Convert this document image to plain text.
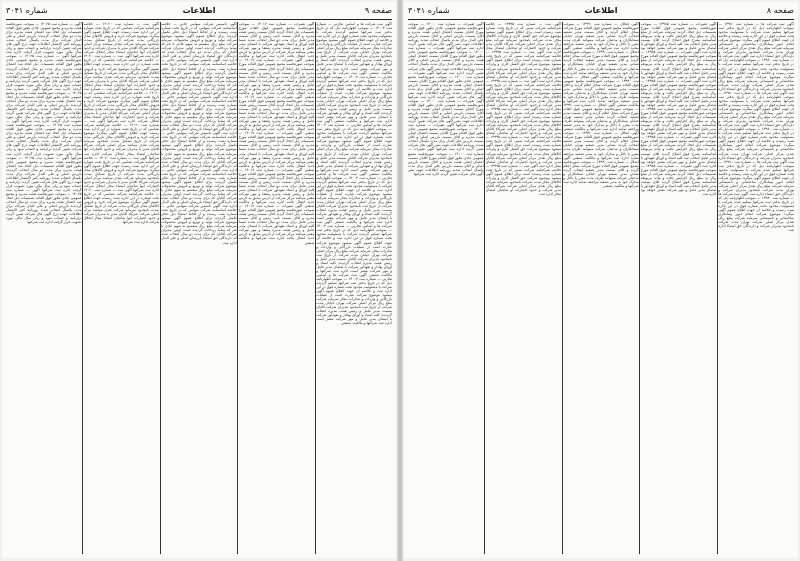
شماره ۳۰۴۱	اطلاعات	صفحه ۹
آگهی ثبت شرکت ها و اسامی تجارتی — شماره ثبت ۱۴۰۰۳ — بموجب اظهارنامه ذیل که در تاریخ بدفتر ثبت شرکتها تسلیم گردیده شرکت با مسئولیت محدود تحت شماره فوق در این اداره ثبت و خلاصه آن جهت اطلاع عموم آگهی میشود موضوع شرکت عبارت است از عملیات بازرگانی و واردات و صادرات مجاز سرمایه شرکت مبلغ ریال مرکز اصلی شرکت تهران خیابان مدت شرکت از تاریخ ثبت نامحدود مدیران شرکت آقایان بسمت مدیر عامل و رئیس هیئت مدیره انتخاب گردیدند کلیه اسناد و اوراق بهادار و تعهدآور شرکت با امضای مدیر عامل و مهر شرکت معتبر است اداره ثبت شرکتها و مالکیت صنعتی آگهی ثبت شرکت ها و اسامی تجارتی — شماره ثبت ۱۴۰۰۳ — بموجب اظهارنامه ذیل که در تاریخ بدفتر ثبت شرکتها تسلیم گردیده شرکت با مسئولیت محدود تحت شماره فوق در این اداره ثبت و خلاصه آن جهت اطلاع عموم آگهی میشود موضوع شرکت عبارت است از عملیات بازرگانی و واردات و صادرات مجاز سرمایه شرکت مبلغ ریال مرکز اصلی شرکت تهران خیابان مدت شرکت از تاریخ ثبت نامحدود مدیران شرکت آقایان بسمت مدیر عامل و رئیس هیئت مدیره انتخاب گردیدند کلیه اسناد و اوراق بهادار و تعهدآور شرکت با امضای مدیر عامل و مهر شرکت معتبر است اداره ثبت شرکتها و مالکیت صنعتی آگهی ثبت شرکت ها و اسامی تجارتی — شماره ثبت ۱۴۰۰۳ — بموجب اظهارنامه ذیل که در تاریخ بدفتر ثبت شرکتها تسلیم گردیده شرکت با مسئولیت محدود تحت شماره فوق در این اداره ثبت و خلاصه آن جهت اطلاع عموم آگهی میشود موضوع شرکت عبارت است از عملیات بازرگانی و واردات و صادرات مجاز سرمایه شرکت مبلغ ریال مرکز اصلی شرکت تهران خیابان مدت شرکت از تاریخ ثبت نامحدود مدیران شرکت آقایان بسمت مدیر عامل و رئیس هیئت مدیره انتخاب گردیدند کلیه اسناد و اوراق بهادار و تعهدآور شرکت با امضای مدیر عامل و مهر شرکت معتبر است اداره ثبت شرکتها و مالکیت صنعتی آگهی ثبت شرکت ها و اسامی تجارتی — شماره ثبت ۱۴۰۰۳ — بموجب اظهارنامه ذیل که در تاریخ بدفتر ثبت شرکتها تسلیم گردیده شرکت با مسئولیت محدود تحت شماره فوق در این اداره ثبت و خلاصه آن جهت اطلاع عموم آگهی میشود موضوع شرکت عبارت است از عملیات بازرگانی و واردات و صادرات مجاز سرمایه شرکت مبلغ ریال مرکز اصلی شرکت تهران خیابان مدت شرکت از تاریخ ثبت نامحدود مدیران شرکت آقایان بسمت مدیر عامل و رئیس هیئت مدیره انتخاب گردیدند کلیه اسناد و اوراق بهادار و تعهدآور شرکت با امضای مدیر عامل و مهر شرکت معتبر است اداره ثبت شرکتها و مالکیت صنعتی آگهی ثبت شرکت ها و اسامی تجارتی — شماره ثبت ۱۴۰۰۳ — بموجب اظهارنامه ذیل که در تاریخ بدفتر ثبت شرکتها تسلیم گردیده شرکت با مسئولیت محدود تحت شماره فوق در این اداره ثبت و خلاصه آن جهت اطلاع عموم آگهی میشود موضوع شرکت عبارت است از عملیات بازرگانی و واردات و صادرات مجاز سرمایه شرکت مبلغ ریال مرکز اصلی شرکت تهران خیابان مدت شرکت از تاریخ ثبت نامحدود مدیران شرکت آقایان بسمت مدیر عامل و رئیس هیئت مدیره انتخاب گردیدند کلیه اسناد و اوراق بهادار و تعهدآور شرکت با امضای مدیر عامل و مهر شرکت معتبر است اداره ثبت شرکتها و مالکیت صنعتی آگهی ثبت شرکت ها و اسامی تجارتی — شماره ثبت ۱۴۰۰۳ — بموجب اظهارنامه ذیل که در تاریخ بدفتر ثبت شرکتها تسلیم گردیده شرکت با مسئولیت محدود تحت شماره فوق در این اداره ثبت و خلاصه آن جهت اطلاع عموم آگهی میشود موضوع شرکت عبارت است از عملیات بازرگانی و واردات و صادرات مجاز سرمایه شرکت مبلغ ریال مرکز اصلی شرکت تهران خیابان مدت شرکت از تاریخ ثبت نامحدود مدیران شرکت آقایان بسمت مدیر عامل و رئیس هیئت مدیره انتخاب گردیدند کلیه اسناد و اوراق بهادار و تعهدآور شرکت با امضای مدیر عامل و مهر شرکت معتبر است اداره ثبت شرکتها و مالکیت صنعتی
آگهی تغییرات — شماره ثبت ۱۴۰۱۷ — بموجب صورتجلسه مجمع عمومی فوق العاده مورخ تصمیمات ذیل اتخاذ گردید آقای بسمت رئیس هیئت مدیره و آقای بسمت نایب رئیس و آقای بسمت مدیر عامل برای مدت دو سال انتخاب شدند ضمنا کلیه اوراق و اسناد تعهدآور شرکت با امضای مدیر عامل و رئیس هیئت مدیره متفقا و مهر شرکت معتبر میباشد مرکز شرکت از آدرس سابق به آدرس جدید انتقال یافت اداره ثبت شرکتها و مالکیت صنعتی آگهی تغییرات — شماره ثبت ۱۴۰۱۷ — بموجب صورتجلسه مجمع عمومی فوق العاده مورخ تصمیمات ذیل اتخاذ گردید آقای بسمت رئیس هیئت مدیره و آقای بسمت نایب رئیس و آقای بسمت مدیر عامل برای مدت دو سال انتخاب شدند ضمنا کلیه اوراق و اسناد تعهدآور شرکت با امضای مدیر عامل و رئیس هیئت مدیره متفقا و مهر شرکت معتبر میباشد مرکز شرکت از آدرس سابق به آدرس جدید انتقال یافت اداره ثبت شرکتها و مالکیت صنعتی آگهی تغییرات — شماره ثبت ۱۴۰۱۷ — بموجب صورتجلسه مجمع عمومی فوق العاده مورخ تصمیمات ذیل اتخاذ گردید آقای بسمت رئیس هیئت مدیره و آقای بسمت نایب رئیس و آقای بسمت مدیر عامل برای مدت دو سال انتخاب شدند ضمنا کلیه اوراق و اسناد تعهدآور شرکت با امضای مدیر عامل و رئیس هیئت مدیره متفقا و مهر شرکت معتبر میباشد مرکز شرکت از آدرس سابق به آدرس جدید انتقال یافت اداره ثبت شرکتها و مالکیت صنعتی آگهی تغییرات — شماره ثبت ۱۴۰۱۷ — بموجب صورتجلسه مجمع عمومی فوق العاده مورخ تصمیمات ذیل اتخاذ گردید آقای بسمت رئیس هیئت مدیره و آقای بسمت نایب رئیس و آقای بسمت مدیر عامل برای مدت دو سال انتخاب شدند ضمنا کلیه اوراق و اسناد تعهدآور شرکت با امضای مدیر عامل و رئیس هیئت مدیره متفقا و مهر شرکت معتبر میباشد مرکز شرکت از آدرس سابق به آدرس جدید انتقال یافت اداره ثبت شرکتها و مالکیت صنعتی آگهی تغییرات — شماره ثبت ۱۴۰۱۷ — بموجب صورتجلسه مجمع عمومی فوق العاده مورخ تصمیمات ذیل اتخاذ گردید آقای بسمت رئیس هیئت مدیره و آقای بسمت نایب رئیس و آقای بسمت مدیر عامل برای مدت دو سال انتخاب شدند ضمنا کلیه اوراق و اسناد تعهدآور شرکت با امضای مدیر عامل و رئیس هیئت مدیره متفقا و مهر شرکت معتبر میباشد مرکز شرکت از آدرس سابق به آدرس جدید انتقال یافت اداره ثبت شرکتها و مالکیت صنعتی آگهی تغییرات — شماره ثبت ۱۴۰۱۷ — بموجب صورتجلسه مجمع عمومی فوق العاده مورخ تصمیمات ذیل اتخاذ گردید آقای بسمت رئیس هیئت مدیره و آقای بسمت نایب رئیس و آقای بسمت مدیر عامل برای مدت دو سال انتخاب شدند ضمنا کلیه اوراق و اسناد تعهدآور شرکت با امضای مدیر عامل و رئیس هیئت مدیره متفقا و مهر شرکت معتبر میباشد مرکز شرکت از آدرس سابق به آدرس جدید انتقال یافت اداره ثبت شرکتها و مالکیت صنعتی
آگهی تأسیس شرکت سهامی خاص — خلاصه اساسنامه شرکت سهامی که در تاریخ تحت شماره بثبت رسیده و از لحاظ امضاء ذیل دفاتر تکمیل گردیده برای اطلاع عموم آگهی میشود موضوع شرکت تولید و توزیع و فروش محصولات سرمایه شرکت مبلغ ریال منقسم به سهم عادی با نام که تماما پرداخت گردیده است اولین مدیران شرکت آقایان که برای مدت دو سال انتخاب شده اند دارندگان حق امضاء بازرسان اصلی و علی البدل اداره ثبت آگهی تأسیس شرکت سهامی خاص — خلاصه اساسنامه شرکت سهامی که در تاریخ تحت شماره بثبت رسیده و از لحاظ امضاء ذیل دفاتر تکمیل گردیده برای اطلاع عموم آگهی میشود موضوع شرکت تولید و توزیع و فروش محصولات سرمایه شرکت مبلغ ریال منقسم به سهم عادی با نام که تماما پرداخت گردیده است اولین مدیران شرکت آقایان که برای مدت دو سال انتخاب شده اند دارندگان حق امضاء بازرسان اصلی و علی البدل اداره ثبت آگهی تأسیس شرکت سهامی خاص — خلاصه اساسنامه شرکت سهامی که در تاریخ تحت شماره بثبت رسیده و از لحاظ امضاء ذیل دفاتر تکمیل گردیده برای اطلاع عموم آگهی میشود موضوع شرکت تولید و توزیع و فروش محصولات سرمایه شرکت مبلغ ریال منقسم به سهم عادی با نام که تماما پرداخت گردیده است اولین مدیران شرکت آقایان که برای مدت دو سال انتخاب شده اند دارندگان حق امضاء بازرسان اصلی و علی البدل اداره ثبت آگهی تأسیس شرکت سهامی خاص — خلاصه اساسنامه شرکت سهامی که در تاریخ تحت شماره بثبت رسیده و از لحاظ امضاء ذیل دفاتر تکمیل گردیده برای اطلاع عموم آگهی میشود موضوع شرکت تولید و توزیع و فروش محصولات سرمایه شرکت مبلغ ریال منقسم به سهم عادی با نام که تماما پرداخت گردیده است اولین مدیران شرکت آقایان که برای مدت دو سال انتخاب شده اند دارندگان حق امضاء بازرسان اصلی و علی البدل اداره ثبت آگهی تأسیس شرکت سهامی خاص — خلاصه اساسنامه شرکت سهامی که در تاریخ تحت شماره بثبت رسیده و از لحاظ امضاء ذیل دفاتر تکمیل گردیده برای اطلاع عموم آگهی میشود موضوع شرکت تولید و توزیع و فروش محصولات سرمایه شرکت مبلغ ریال منقسم به سهم عادی با نام که تماما پرداخت گردیده است اولین مدیران شرکت آقایان که برای مدت دو سال انتخاب شده اند دارندگان حق امضاء بازرسان اصلی و علی البدل اداره ثبت آگهی تأسیس شرکت سهامی خاص — خلاصه اساسنامه شرکت سهامی که در تاریخ تحت شماره بثبت رسیده و از لحاظ امضاء ذیل دفاتر تکمیل گردیده برای اطلاع عموم آگهی میشود موضوع شرکت تولید و توزیع و فروش محصولات سرمایه شرکت مبلغ ریال منقسم به سهم عادی با نام که تماما پرداخت گردیده است اولین مدیران شرکت آقایان که برای مدت دو سال انتخاب شده اند دارندگان حق امضاء بازرسان اصلی و علی البدل اداره ثبت
آگهی ثبت — شماره ثبت ۱۴۰۲۰ — خلاصه شرکتنامه شرکت تضامنی که در تاریخ تحت شماره در این اداره بثبت رسیده جهت اطلاع عموم آگهی میگردد موضوع شرکت خرید و فروش کالاهای مجاز بازرگانی مدت شرکت از تاریخ تشکیل بمدت نامحدود سرمایه شرکت نقدی میباشد مرکز اصلی شرکت شرکاء آقایان مدیر یا مدیران شرکت و حدود اختیارات آنها صاحبان امضاء مجاز انحلال شرکت اداره ثبت شرکتها آگهی ثبت — شماره ثبت ۱۴۰۲۰ — خلاصه شرکتنامه شرکت تضامنی که در تاریخ تحت شماره در این اداره بثبت رسیده جهت اطلاع عموم آگهی میگردد موضوع شرکت خرید و فروش کالاهای مجاز بازرگانی مدت شرکت از تاریخ تشکیل بمدت نامحدود سرمایه شرکت نقدی میباشد مرکز اصلی شرکت شرکاء آقایان مدیر یا مدیران شرکت و حدود اختیارات آنها صاحبان امضاء مجاز انحلال شرکت اداره ثبت شرکتها آگهی ثبت — شماره ثبت ۱۴۰۲۰ — خلاصه شرکتنامه شرکت تضامنی که در تاریخ تحت شماره در این اداره بثبت رسیده جهت اطلاع عموم آگهی میگردد موضوع شرکت خرید و فروش کالاهای مجاز بازرگانی مدت شرکت از تاریخ تشکیل بمدت نامحدود سرمایه شرکت نقدی میباشد مرکز اصلی شرکت شرکاء آقایان مدیر یا مدیران شرکت و حدود اختیارات آنها صاحبان امضاء مجاز انحلال شرکت اداره ثبت شرکتها آگهی ثبت — شماره ثبت ۱۴۰۲۰ — خلاصه شرکتنامه شرکت تضامنی که در تاریخ تحت شماره در این اداره بثبت رسیده جهت اطلاع عموم آگهی میگردد موضوع شرکت خرید و فروش کالاهای مجاز بازرگانی مدت شرکت از تاریخ تشکیل بمدت نامحدود سرمایه شرکت نقدی میباشد مرکز اصلی شرکت شرکاء آقایان مدیر یا مدیران شرکت و حدود اختیارات آنها صاحبان امضاء مجاز انحلال شرکت اداره ثبت شرکتها آگهی ثبت — شماره ثبت ۱۴۰۲۰ — خلاصه شرکتنامه شرکت تضامنی که در تاریخ تحت شماره در این اداره بثبت رسیده جهت اطلاع عموم آگهی میگردد موضوع شرکت خرید و فروش کالاهای مجاز بازرگانی مدت شرکت از تاریخ تشکیل بمدت نامحدود سرمایه شرکت نقدی میباشد مرکز اصلی شرکت شرکاء آقایان مدیر یا مدیران شرکت و حدود اختیارات آنها صاحبان امضاء مجاز انحلال شرکت اداره ثبت شرکتها آگهی ثبت — شماره ثبت ۱۴۰۲۰ — خلاصه شرکتنامه شرکت تضامنی که در تاریخ تحت شماره در این اداره بثبت رسیده جهت اطلاع عموم آگهی میگردد موضوع شرکت خرید و فروش کالاهای مجاز بازرگانی مدت شرکت از تاریخ تشکیل بمدت نامحدود سرمایه شرکت نقدی میباشد مرکز اصلی شرکت شرکاء آقایان مدیر یا مدیران شرکت و حدود اختیارات آنها صاحبان امضاء مجاز انحلال شرکت اداره ثبت شرکتها
آگهی — شماره ثبت ۱۴۰۲۵ — بموجب صورتجلسه هیئت مدیره و مجمع عمومی عادی بطور فوق العاده تصمیمات ذیل اتخاذ شد اعضای هیئت مدیره برای مدت دو سال انتخاب گردیدند بازرس اصلی و علی البدل شرکت برای مدت یکسال انتخاب شدند روزنامه کثیر الانتشار اطلاعات جهت درج آگهی های شرکت تعیین گردید ترازنامه و حساب سود و زیان سال مالی مورد تصویب قرار گرفت اداره ثبت شرکتها آگهی — شماره ثبت ۱۴۰۲۵ — بموجب صورتجلسه هیئت مدیره و مجمع عمومی عادی بطور فوق العاده تصمیمات ذیل اتخاذ شد اعضای هیئت مدیره برای مدت دو سال انتخاب گردیدند بازرس اصلی و علی البدل شرکت برای مدت یکسال انتخاب شدند روزنامه کثیر الانتشار اطلاعات جهت درج آگهی های شرکت تعیین گردید ترازنامه و حساب سود و زیان سال مالی مورد تصویب قرار گرفت اداره ثبت شرکتها آگهی — شماره ثبت ۱۴۰۲۵ — بموجب صورتجلسه هیئت مدیره و مجمع عمومی عادی بطور فوق العاده تصمیمات ذیل اتخاذ شد اعضای هیئت مدیره برای مدت دو سال انتخاب گردیدند بازرس اصلی و علی البدل شرکت برای مدت یکسال انتخاب شدند روزنامه کثیر الانتشار اطلاعات جهت درج آگهی های شرکت تعیین گردید ترازنامه و حساب سود و زیان سال مالی مورد تصویب قرار گرفت اداره ثبت شرکتها آگهی — شماره ثبت ۱۴۰۲۵ — بموجب صورتجلسه هیئت مدیره و مجمع عمومی عادی بطور فوق العاده تصمیمات ذیل اتخاذ شد اعضای هیئت مدیره برای مدت دو سال انتخاب گردیدند بازرس اصلی و علی البدل شرکت برای مدت یکسال انتخاب شدند روزنامه کثیر الانتشار اطلاعات جهت درج آگهی های شرکت تعیین گردید ترازنامه و حساب سود و زیان سال مالی مورد تصویب قرار گرفت اداره ثبت شرکتها آگهی — شماره ثبت ۱۴۰۲۵ — بموجب صورتجلسه هیئت مدیره و مجمع عمومی عادی بطور فوق العاده تصمیمات ذیل اتخاذ شد اعضای هیئت مدیره برای مدت دو سال انتخاب گردیدند بازرس اصلی و علی البدل شرکت برای مدت یکسال انتخاب شدند روزنامه کثیر الانتشار اطلاعات جهت درج آگهی های شرکت تعیین گردید ترازنامه و حساب سود و زیان سال مالی مورد تصویب قرار گرفت اداره ثبت شرکتها آگهی — شماره ثبت ۱۴۰۲۵ — بموجب صورتجلسه هیئت مدیره و مجمع عمومی عادی بطور فوق العاده تصمیمات ذیل اتخاذ شد اعضای هیئت مدیره برای مدت دو سال انتخاب گردیدند بازرس اصلی و علی البدل شرکت برای مدت یکسال انتخاب شدند روزنامه کثیر الانتشار اطلاعات جهت درج آگهی های شرکت تعیین گردید ترازنامه و حساب سود و زیان سال مالی مورد تصویب قرار گرفت اداره ثبت شرکتها
شماره ۳۰۴۱	اطلاعات	صفحه ۸
آگهی ثبت شرکت ها — شماره ثبت ۱۳۹۸۰ — بموجب اظهارنامه ذیل که در تاریخ بدفتر ثبت شرکتها تسلیم شده شرکت با مسئولیت محدود تحت شماره فوق در این اداره بثبت رسیده و خلاصه آن جهت اطلاع عموم آگهی میگردد موضوع شرکت انجام امور پیمانکاری ساختمانی و تاسیساتی سرمایه شرکت مبلغ ریال نقدی مرکز اصلی شرکت تهران مدت شرکت نامحدود مدیران شرکت و دارندگان حق امضاء اداره ثبت آگهی ثبت شرکت ها — شماره ثبت ۱۳۹۸۰ — بموجب اظهارنامه ذیل که در تاریخ بدفتر ثبت شرکتها تسلیم شده شرکت با مسئولیت محدود تحت شماره فوق در این اداره بثبت رسیده و خلاصه آن جهت اطلاع عموم آگهی میگردد موضوع شرکت انجام امور پیمانکاری ساختمانی و تاسیساتی سرمایه شرکت مبلغ ریال نقدی مرکز اصلی شرکت تهران مدت شرکت نامحدود مدیران شرکت و دارندگان حق امضاء اداره ثبت آگهی ثبت شرکت ها — شماره ثبت ۱۳۹۸۰ — بموجب اظهارنامه ذیل که در تاریخ بدفتر ثبت شرکتها تسلیم شده شرکت با مسئولیت محدود تحت شماره فوق در این اداره بثبت رسیده و خلاصه آن جهت اطلاع عموم آگهی میگردد موضوع شرکت انجام امور پیمانکاری ساختمانی و تاسیساتی سرمایه شرکت مبلغ ریال نقدی مرکز اصلی شرکت تهران مدت شرکت نامحدود مدیران شرکت و دارندگان حق امضاء اداره ثبت آگهی ثبت شرکت ها — شماره ثبت ۱۳۹۸۰ — بموجب اظهارنامه ذیل که در تاریخ بدفتر ثبت شرکتها تسلیم شده شرکت با مسئولیت محدود تحت شماره فوق در این اداره بثبت رسیده و خلاصه آن جهت اطلاع عموم آگهی میگردد موضوع شرکت انجام امور پیمانکاری ساختمانی و تاسیساتی سرمایه شرکت مبلغ ریال نقدی مرکز اصلی شرکت تهران مدت شرکت نامحدود مدیران شرکت و دارندگان حق امضاء اداره ثبت آگهی ثبت شرکت ها — شماره ثبت ۱۳۹۸۰ — بموجب اظهارنامه ذیل که در تاریخ بدفتر ثبت شرکتها تسلیم شده شرکت با مسئولیت محدود تحت شماره فوق در این اداره بثبت رسیده و خلاصه آن جهت اطلاع عموم آگهی میگردد موضوع شرکت انجام امور پیمانکاری ساختمانی و تاسیساتی سرمایه شرکت مبلغ ریال نقدی مرکز اصلی شرکت تهران مدت شرکت نامحدود مدیران شرکت و دارندگان حق امضاء اداره ثبت آگهی ثبت شرکت ها — شماره ثبت ۱۳۹۸۰ — بموجب اظهارنامه ذیل که در تاریخ بدفتر ثبت شرکتها تسلیم شده شرکت با مسئولیت محدود تحت شماره فوق در این اداره بثبت رسیده و خلاصه آن جهت اطلاع عموم آگهی میگردد موضوع شرکت انجام امور پیمانکاری ساختمانی و تاسیساتی سرمایه شرکت مبلغ ریال نقدی مرکز اصلی شرکت تهران مدت شرکت نامحدود مدیران شرکت و دارندگان حق امضاء اداره ثبت
آگهی تغییرات — شماره ثبت ۱۳۹۸۵ — بموجب صورتجلسه مجمع عمومی فوق العاده مورخ تصمیمات ذیل اتخاذ گردید سرمایه شرکت از مبلغ ریال به مبلغ ریال افزایش یافت و ماده مربوطه اساسنامه بشرح فوق اصلاح گردید آقای بسمت مدیر عامل انتخاب شد کلیه اسناد و اوراق تعهدآور با امضای مدیر عامل و مهر شرکت معتبر خواهد بود اداره ثبت آگهی تغییرات — شماره ثبت ۱۳۹۸۵ — بموجب صورتجلسه مجمع عمومی فوق العاده مورخ تصمیمات ذیل اتخاذ گردید سرمایه شرکت از مبلغ ریال به مبلغ ریال افزایش یافت و ماده مربوطه اساسنامه بشرح فوق اصلاح گردید آقای بسمت مدیر عامل انتخاب شد کلیه اسناد و اوراق تعهدآور با امضای مدیر عامل و مهر شرکت معتبر خواهد بود اداره ثبت آگهی تغییرات — شماره ثبت ۱۳۹۸۵ — بموجب صورتجلسه مجمع عمومی فوق العاده مورخ تصمیمات ذیل اتخاذ گردید سرمایه شرکت از مبلغ ریال به مبلغ ریال افزایش یافت و ماده مربوطه اساسنامه بشرح فوق اصلاح گردید آقای بسمت مدیر عامل انتخاب شد کلیه اسناد و اوراق تعهدآور با امضای مدیر عامل و مهر شرکت معتبر خواهد بود اداره ثبت آگهی تغییرات — شماره ثبت ۱۳۹۸۵ — بموجب صورتجلسه مجمع عمومی فوق العاده مورخ تصمیمات ذیل اتخاذ گردید سرمایه شرکت از مبلغ ریال به مبلغ ریال افزایش یافت و ماده مربوطه اساسنامه بشرح فوق اصلاح گردید آقای بسمت مدیر عامل انتخاب شد کلیه اسناد و اوراق تعهدآور با امضای مدیر عامل و مهر شرکت معتبر خواهد بود اداره ثبت آگهی تغییرات — شماره ثبت ۱۳۹۸۵ — بموجب صورتجلسه مجمع عمومی فوق العاده مورخ تصمیمات ذیل اتخاذ گردید سرمایه شرکت از مبلغ ریال به مبلغ ریال افزایش یافت و ماده مربوطه اساسنامه بشرح فوق اصلاح گردید آقای بسمت مدیر عامل انتخاب شد کلیه اسناد و اوراق تعهدآور با امضای مدیر عامل و مهر شرکت معتبر خواهد بود اداره ثبت آگهی تغییرات — شماره ثبت ۱۳۹۸۵ — بموجب صورتجلسه مجمع عمومی فوق العاده مورخ تصمیمات ذیل اتخاذ گردید سرمایه شرکت از مبلغ ریال به مبلغ ریال افزایش یافت و ماده مربوطه اساسنامه بشرح فوق اصلاح گردید آقای بسمت مدیر عامل انتخاب شد کلیه اسناد و اوراق تعهدآور با امضای مدیر عامل و مهر شرکت معتبر خواهد بود اداره ثبت
آگهی انحلال — شماره ثبت ۱۳۹۹۰ — بموجب صورتجلسه مجمع عمومی فوق العاده مورخ شرکت منحل اعلام گردید و آقای بسمت مدیر تصفیه انتخاب گردید نشانی مدیر تصفیه تهران خیابان بستانکاران و مدعیان شرکت میتوانند ظرف مدت مقرر با دلائل و مدارک خود به مدیر تصفیه مراجعه نمایند اداره ثبت شرکتها و مالکیت صنعتی آگهی انحلال — شماره ثبت ۱۳۹۹۰ — بموجب صورتجلسه مجمع عمومی فوق العاده مورخ شرکت منحل اعلام گردید و آقای بسمت مدیر تصفیه انتخاب گردید نشانی مدیر تصفیه تهران خیابان بستانکاران و مدعیان شرکت میتوانند ظرف مدت مقرر با دلائل و مدارک خود به مدیر تصفیه مراجعه نمایند اداره ثبت شرکتها و مالکیت صنعتی آگهی انحلال — شماره ثبت ۱۳۹۹۰ — بموجب صورتجلسه مجمع عمومی فوق العاده مورخ شرکت منحل اعلام گردید و آقای بسمت مدیر تصفیه انتخاب گردید نشانی مدیر تصفیه تهران خیابان بستانکاران و مدعیان شرکت میتوانند ظرف مدت مقرر با دلائل و مدارک خود به مدیر تصفیه مراجعه نمایند اداره ثبت شرکتها و مالکیت صنعتی آگهی انحلال — شماره ثبت ۱۳۹۹۰ — بموجب صورتجلسه مجمع عمومی فوق العاده مورخ شرکت منحل اعلام گردید و آقای بسمت مدیر تصفیه انتخاب گردید نشانی مدیر تصفیه تهران خیابان بستانکاران و مدعیان شرکت میتوانند ظرف مدت مقرر با دلائل و مدارک خود به مدیر تصفیه مراجعه نمایند اداره ثبت شرکتها و مالکیت صنعتی آگهی انحلال — شماره ثبت ۱۳۹۹۰ — بموجب صورتجلسه مجمع عمومی فوق العاده مورخ شرکت منحل اعلام گردید و آقای بسمت مدیر تصفیه انتخاب گردید نشانی مدیر تصفیه تهران خیابان بستانکاران و مدعیان شرکت میتوانند ظرف مدت مقرر با دلائل و مدارک خود به مدیر تصفیه مراجعه نمایند اداره ثبت شرکتها و مالکیت صنعتی آگهی انحلال — شماره ثبت ۱۳۹۹۰ — بموجب صورتجلسه مجمع عمومی فوق العاده مورخ شرکت منحل اعلام گردید و آقای بسمت مدیر تصفیه انتخاب گردید نشانی مدیر تصفیه تهران خیابان بستانکاران و مدعیان شرکت میتوانند ظرف مدت مقرر با دلائل و مدارک خود به مدیر تصفیه مراجعه نمایند اداره ثبت شرکتها و مالکیت صنعتی
آگهی ثبت — شماره ثبت ۱۳۹۹۵ — خلاصه شرکتنامه شرکت نسبی که در تاریخ تحت شماره بثبت رسیده است برای اطلاع عموم آگهی میشود موضوع شرکت حق العمل کاری و واردات کالاهای مجاز مدت شرکت نامحدود سرمایه شرکت مبلغ ریال نقدی مرکز اصلی شرکت شرکاء آقایان مدیر شرکت و حدود اختیارات او صاحبان امضای مجاز اداره ثبت آگهی ثبت — شماره ثبت ۱۳۹۹۵ — خلاصه شرکتنامه شرکت نسبی که در تاریخ تحت شماره بثبت رسیده است برای اطلاع عموم آگهی میشود موضوع شرکت حق العمل کاری و واردات کالاهای مجاز مدت شرکت نامحدود سرمایه شرکت مبلغ ریال نقدی مرکز اصلی شرکت شرکاء آقایان مدیر شرکت و حدود اختیارات او صاحبان امضای مجاز اداره ثبت آگهی ثبت — شماره ثبت ۱۳۹۹۵ — خلاصه شرکتنامه شرکت نسبی که در تاریخ تحت شماره بثبت رسیده است برای اطلاع عموم آگهی میشود موضوع شرکت حق العمل کاری و واردات کالاهای مجاز مدت شرکت نامحدود سرمایه شرکت مبلغ ریال نقدی مرکز اصلی شرکت شرکاء آقایان مدیر شرکت و حدود اختیارات او صاحبان امضای مجاز اداره ثبت آگهی ثبت — شماره ثبت ۱۳۹۹۵ — خلاصه شرکتنامه شرکت نسبی که در تاریخ تحت شماره بثبت رسیده است برای اطلاع عموم آگهی میشود موضوع شرکت حق العمل کاری و واردات کالاهای مجاز مدت شرکت نامحدود سرمایه شرکت مبلغ ریال نقدی مرکز اصلی شرکت شرکاء آقایان مدیر شرکت و حدود اختیارات او صاحبان امضای مجاز اداره ثبت آگهی ثبت — شماره ثبت ۱۳۹۹۵ — خلاصه شرکتنامه شرکت نسبی که در تاریخ تحت شماره بثبت رسیده است برای اطلاع عموم آگهی میشود موضوع شرکت حق العمل کاری و واردات کالاهای مجاز مدت شرکت نامحدود سرمایه شرکت مبلغ ریال نقدی مرکز اصلی شرکت شرکاء آقایان مدیر شرکت و حدود اختیارات او صاحبان امضای مجاز اداره ثبت آگهی ثبت — شماره ثبت ۱۳۹۹۵ — خلاصه شرکتنامه شرکت نسبی که در تاریخ تحت شماره بثبت رسیده است برای اطلاع عموم آگهی میشود موضوع شرکت حق العمل کاری و واردات کالاهای مجاز مدت شرکت نامحدود سرمایه شرکت مبلغ ریال نقدی مرکز اصلی شرکت شرکاء آقایان مدیر شرکت و حدود اختیارات او صاحبان امضای مجاز اداره ثبت
آگهی تغییرات — شماره ثبت ۱۴۰۰۰ — بموجب صورتجلسه مجمع عمومی عادی بطور فوق العاده مورخ آقایان بسمت اعضای اصلی هیئت مدیره و آقای بسمت بازرس اصلی و آقای بسمت بازرس علی البدل برای مدت یکسال انتخاب شدند روزنامه اطلاعات جهت نشر آگهی های شرکت تعیین گردید اداره ثبت شرکتها آگهی تغییرات — شماره ثبت ۱۴۰۰۰ — بموجب صورتجلسه مجمع عمومی عادی بطور فوق العاده مورخ آقایان بسمت اعضای اصلی هیئت مدیره و آقای بسمت بازرس اصلی و آقای بسمت بازرس علی البدل برای مدت یکسال انتخاب شدند روزنامه اطلاعات جهت نشر آگهی های شرکت تعیین گردید اداره ثبت شرکتها آگهی تغییرات — شماره ثبت ۱۴۰۰۰ — بموجب صورتجلسه مجمع عمومی عادی بطور فوق العاده مورخ آقایان بسمت اعضای اصلی هیئت مدیره و آقای بسمت بازرس اصلی و آقای بسمت بازرس علی البدل برای مدت یکسال انتخاب شدند روزنامه اطلاعات جهت نشر آگهی های شرکت تعیین گردید اداره ثبت شرکتها آگهی تغییرات — شماره ثبت ۱۴۰۰۰ — بموجب صورتجلسه مجمع عمومی عادی بطور فوق العاده مورخ آقایان بسمت اعضای اصلی هیئت مدیره و آقای بسمت بازرس اصلی و آقای بسمت بازرس علی البدل برای مدت یکسال انتخاب شدند روزنامه اطلاعات جهت نشر آگهی های شرکت تعیین گردید اداره ثبت شرکتها آگهی تغییرات — شماره ثبت ۱۴۰۰۰ — بموجب صورتجلسه مجمع عمومی عادی بطور فوق العاده مورخ آقایان بسمت اعضای اصلی هیئت مدیره و آقای بسمت بازرس اصلی و آقای بسمت بازرس علی البدل برای مدت یکسال انتخاب شدند روزنامه اطلاعات جهت نشر آگهی های شرکت تعیین گردید اداره ثبت شرکتها آگهی تغییرات — شماره ثبت ۱۴۰۰۰ — بموجب صورتجلسه مجمع عمومی عادی بطور فوق العاده مورخ آقایان بسمت اعضای اصلی هیئت مدیره و آقای بسمت بازرس اصلی و آقای بسمت بازرس علی البدل برای مدت یکسال انتخاب شدند روزنامه اطلاعات جهت نشر آگهی های شرکت تعیین گردید اداره ثبت شرکتها
